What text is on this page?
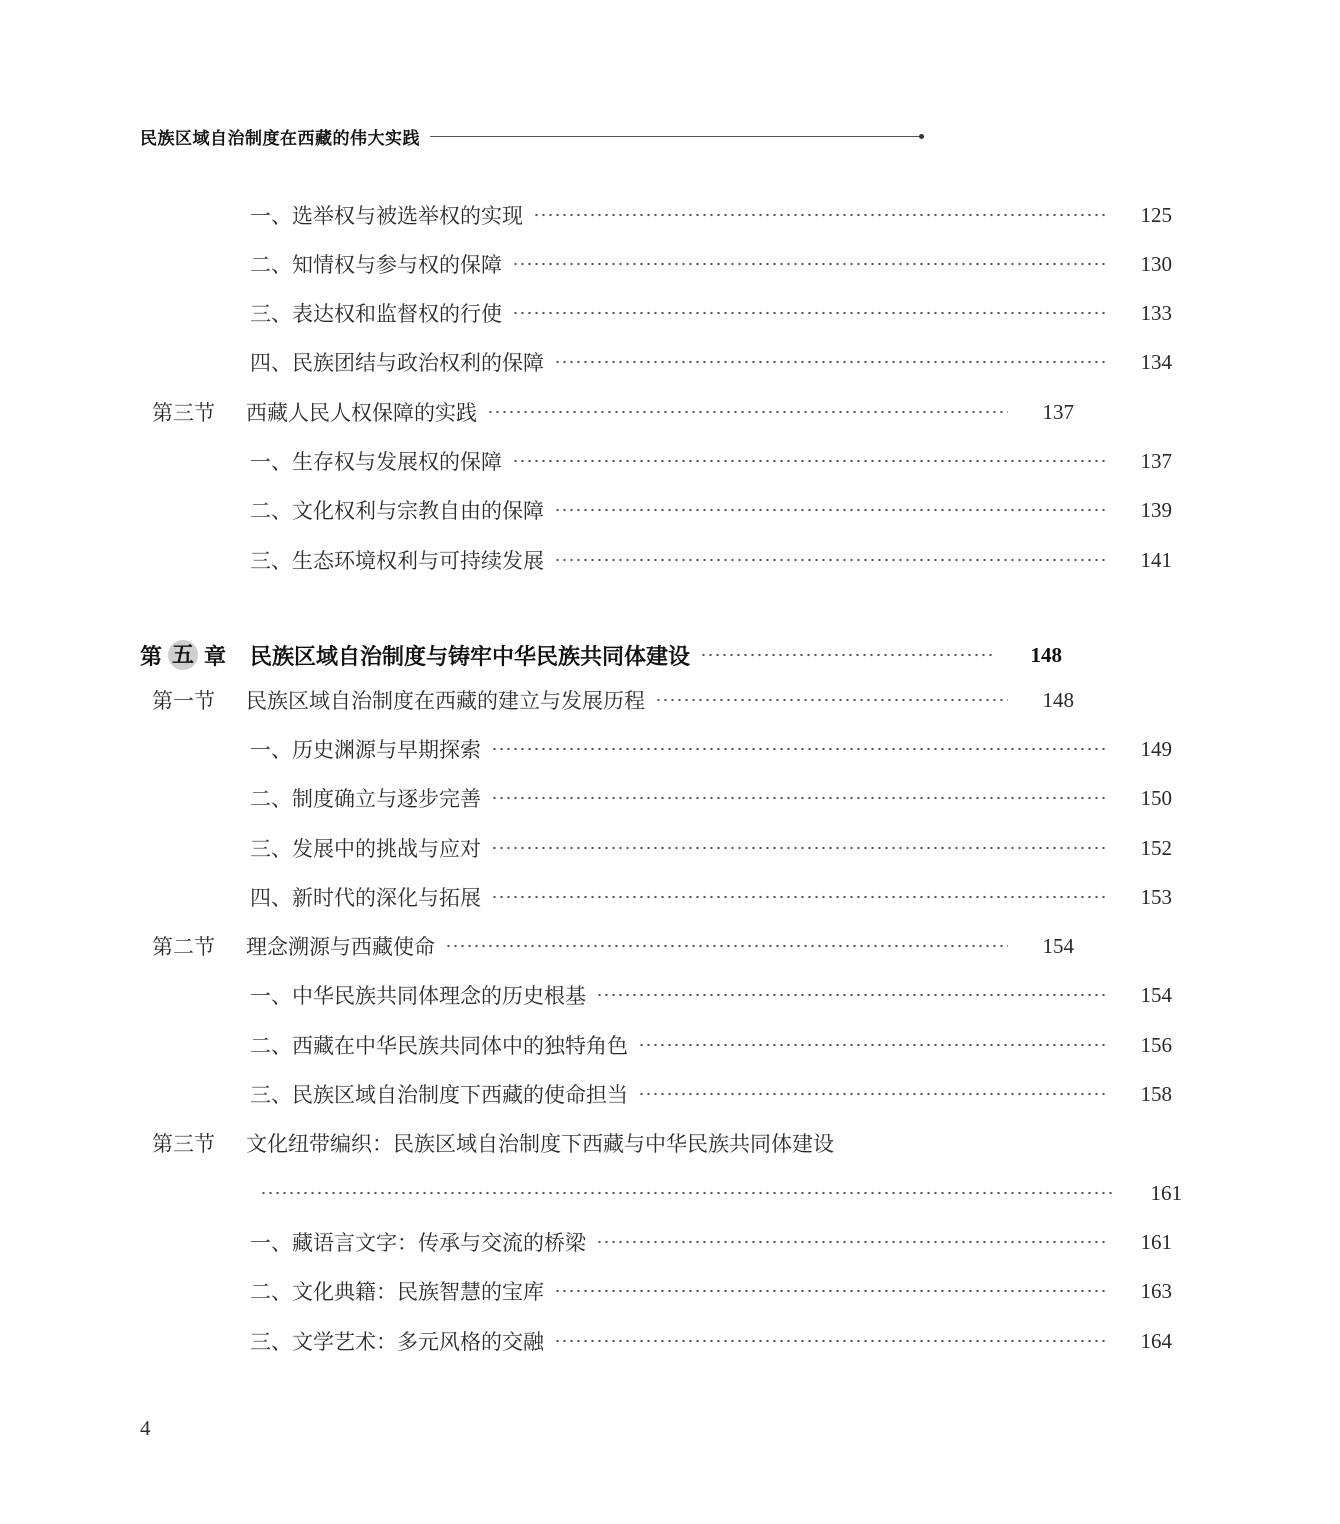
民族区域自治制度在西藏的伟大实践
一、选举权与被选举权的实现	125
二、知情权与参与权的保障	130
三、表达权和监督权的行使	133
四、民族团结与政治权利的保障	134
第三节	西藏人民人权保障的实践	137
一、生存权与发展权的保障	137
二、文化权利与宗教自由的保障	139
三、生态环境权利与可持续发展	141
第 五 章 民族区域自治制度与铸牢中华民族共同体建设	148
第一节	民族区域自治制度在西藏的建立与发展历程	148
一、历史渊源与早期探索	149
二、制度确立与逐步完善	150
三、发展中的挑战与应对	152
四、新时代的深化与拓展	153
第二节	理念溯源与西藏使命	154
一、中华民族共同体理念的历史根基	154
二、西藏在中华民族共同体中的独特角色	156
三、民族区域自治制度下西藏的使命担当	158
第三节	文化纽带编织：民族区域自治制度下西藏与中华民族共同体建设
161
一、藏语言文字：传承与交流的桥梁	161
二、文化典籍：民族智慧的宝库	163
三、文学艺术：多元风格的交融	164
4
